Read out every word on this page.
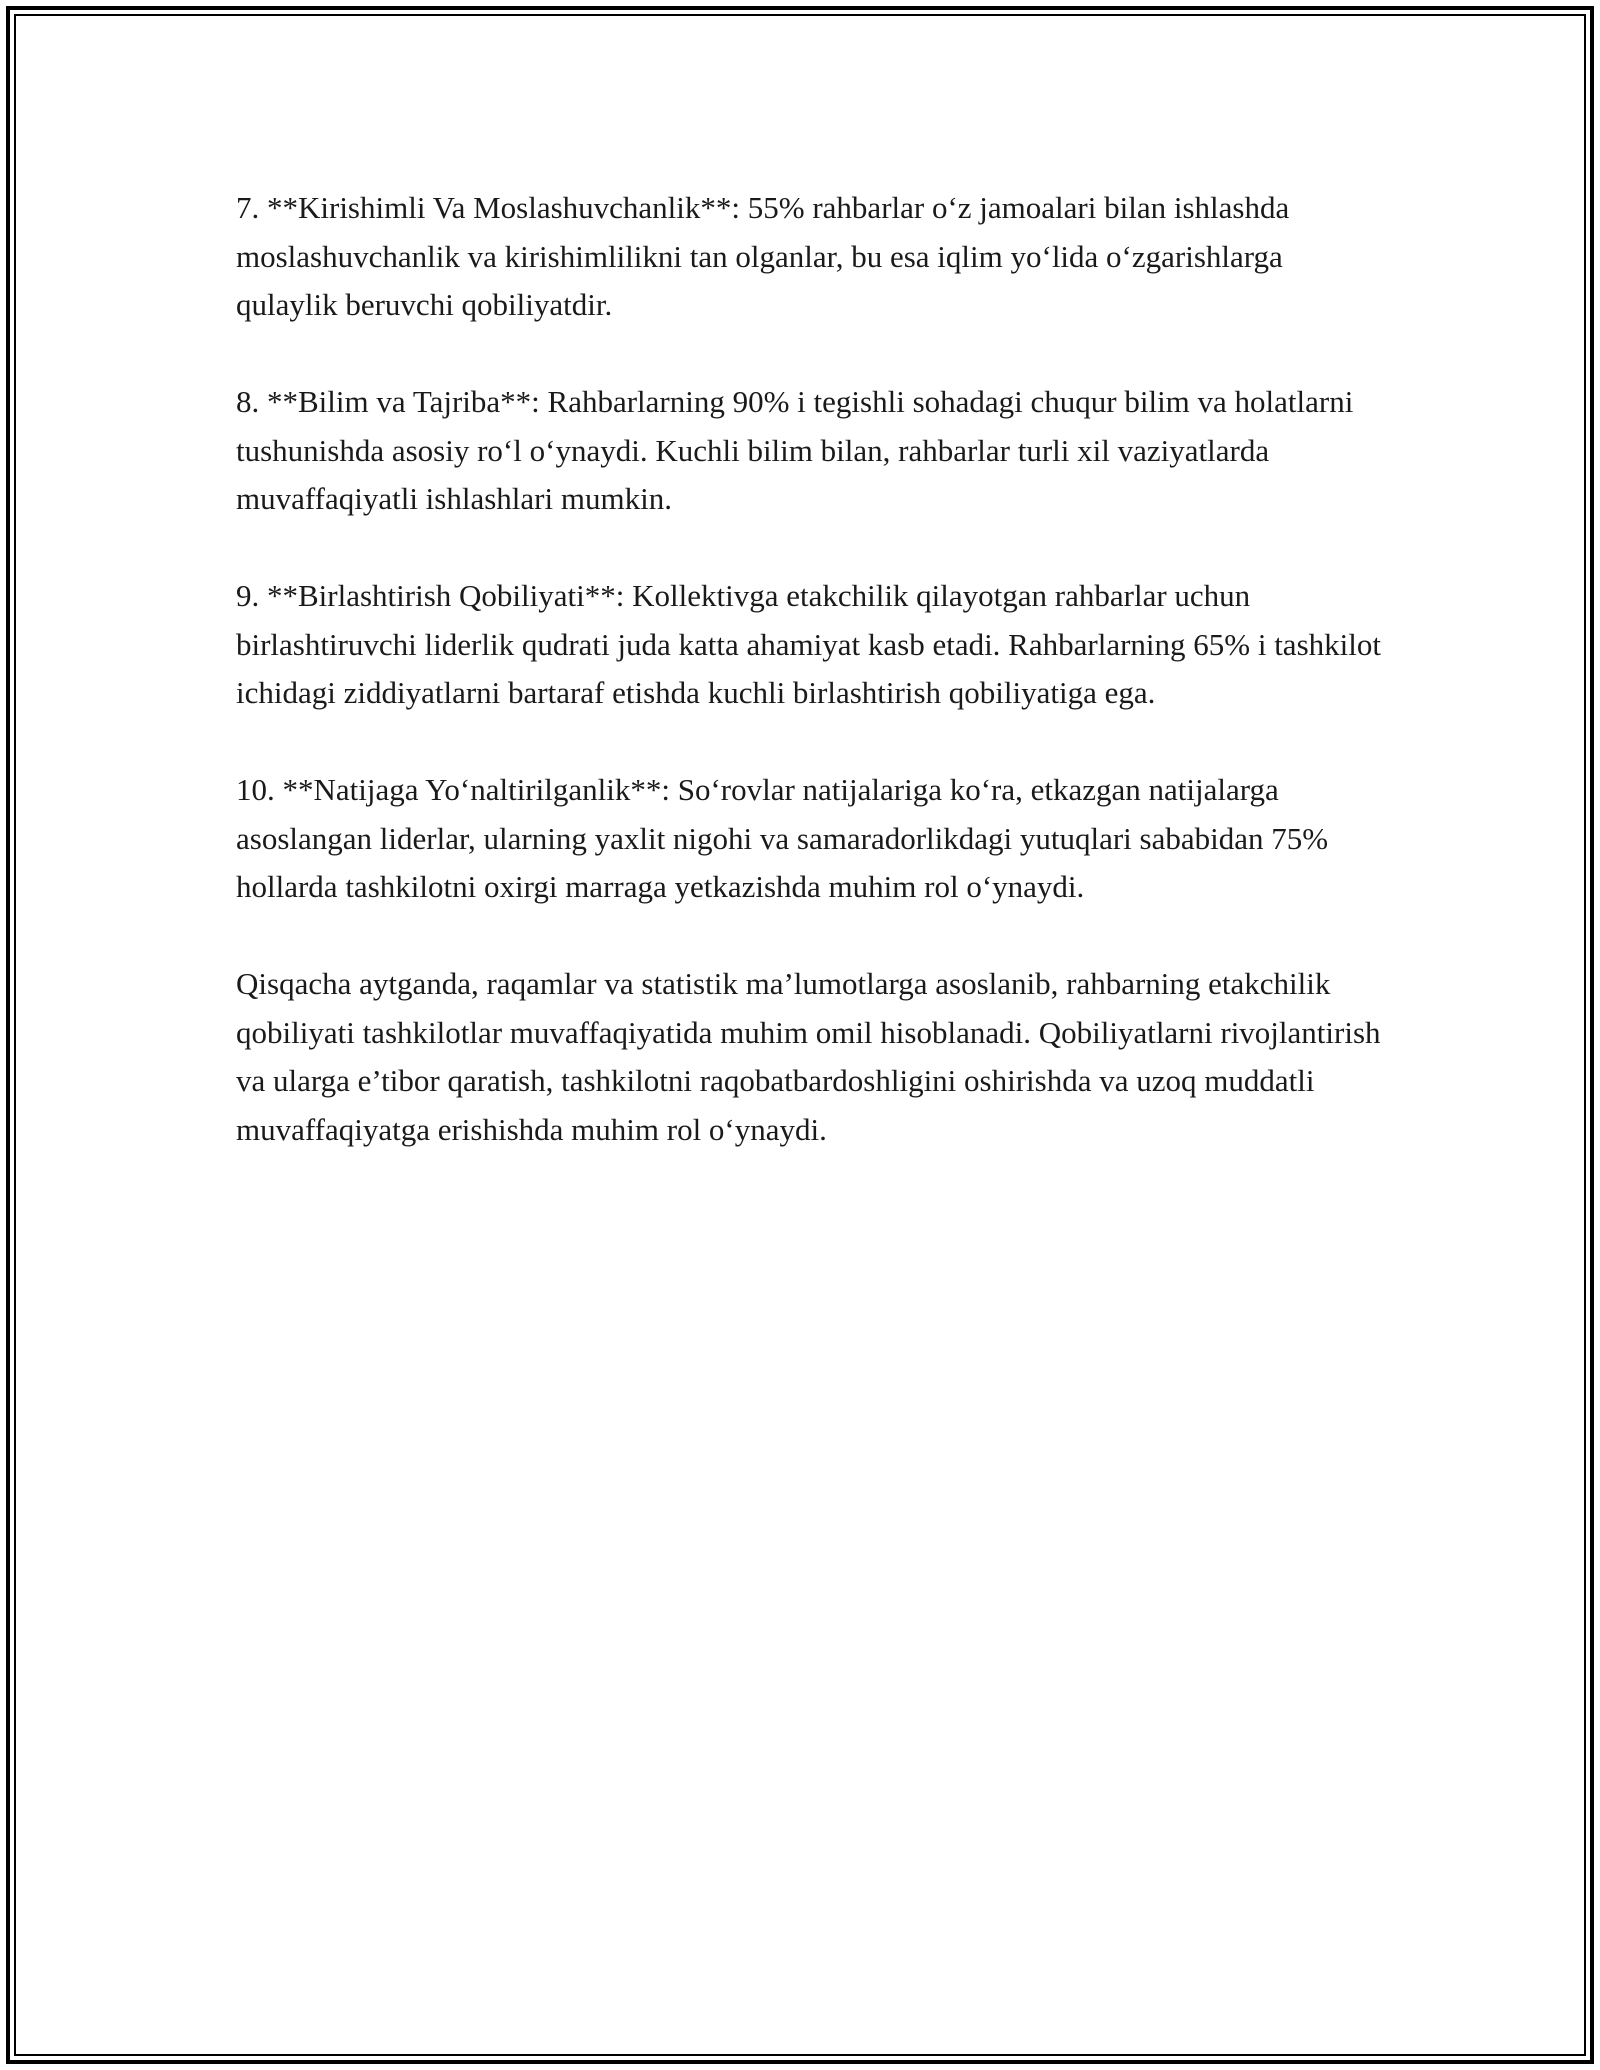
7. **Kirishimli Va Moslashuvchanlik**: 55% rahbarlar o‘z jamoalari bilan ishlashda moslashuvchanlik va kirishimlilikni tan olganlar, bu esa iqlim yo‘lida o‘zgarishlarga qulaylik beruvchi qobiliyatdir.

8. **Bilim va Tajriba**: Rahbarlarning 90% i tegishli sohadagi chuqur bilim va holatlarni tushunishda asosiy ro‘l o‘ynaydi. Kuchli bilim bilan, rahbarlar turli xil vaziyatlarda muvaffaqiyatli ishlashlari mumkin.

9. **Birlashtirish Qobiliyati**: Kollektivga etakchilik qilayotgan rahbarlar uchun birlashtiruvchi liderlik qudrati juda katta ahamiyat kasb etadi. Rahbarlarning 65% i tashkilot ichidagi ziddiyatlarni bartaraf etishda kuchli birlashtirish qobiliyatiga ega.

10. **Natijaga Yo‘naltirilganlik**: So‘rovlar natijalariga ko‘ra, etkazgan natijalarga asoslangan liderlar, ularning yaxlit nigohi va samaradorlikdagi yutuqlari sababidan 75% hollarda tashkilotni oxirgi marraga yetkazishda muhim rol o‘ynaydi.

Qisqacha aytganda, raqamlar va statistik ma’lumotlarga asoslanib, rahbarning etakchilik qobiliyati tashkilotlar muvaffaqiyatida muhim omil hisoblanadi. Qobiliyatlarni rivojlantirish va ularga e’tibor qaratish, tashkilotni raqobatbardoshligini oshirishda va uzoq muddatli muvaffaqiyatga erishishda muhim rol o‘ynaydi.
